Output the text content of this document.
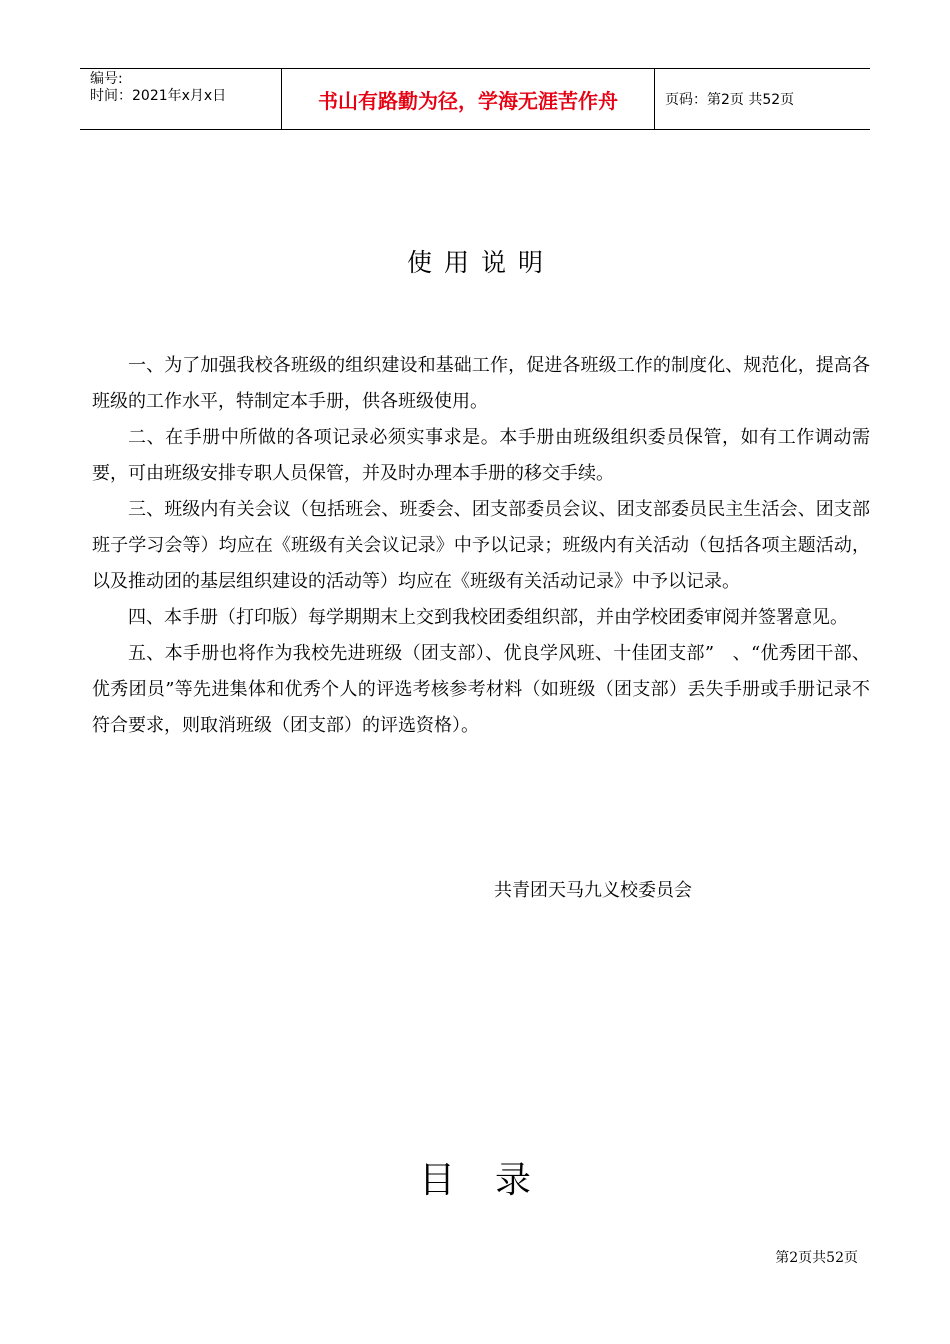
编号:
时间：2021年x月x日	书山有路勤为径，学海无涯苦作舟	页码：第2页 共52页
使用说明

一、为了加强我校各班级的组织建设和基础工作，促进各班级工作的制度化、规范化，提高各班级的工作水平，特制定本手册，供各班级使用。

二、在手册中所做的各项记录必须实事求是。本手册由班级组织委员保管，如有工作调动需要，可由班级安排专职人员保管，并及时办理本手册的移交手续。

三、班级内有关会议（包括班会、班委会、团支部委员会议、团支部委员民主生活会、团支部班子学习会等）均应在《班级有关会议记录》中予以记录；班级内有关活动（包括各项主题活动，以及推动团的基层组织建设的活动等）均应在《班级有关活动记录》中予以记录。

四、本手册（打印版）每学期期末上交到我校团委组织部，并由学校团委审阅并签署意见。

五、本手册也将作为我校先进班级（团支部）、优良学风班、十佳团支部”　、“优秀团干部、优秀团员”等先进集体和优秀个人的评选考核参考材料（如班级（团支部）丢失手册或手册记录不符合要求，则取消班级（团支部）的评选资格）。

共青团天马九义校委员会
目录
第2页共52页
